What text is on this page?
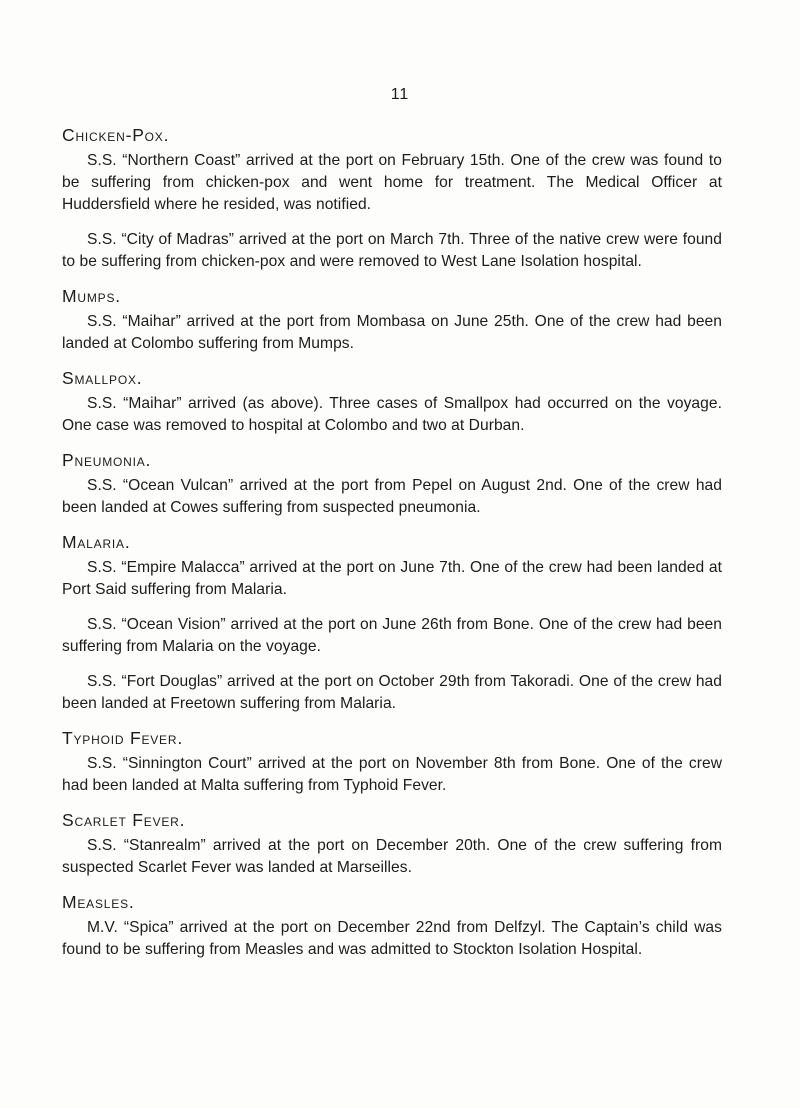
11
Chicken-Pox.

S.S. “Northern Coast” arrived at the port on February 15th. One of the crew was found to be suffering from chicken-pox and went home for treatment. The Medical Officer at Huddersfield where he resided, was notified.

S.S. “City of Madras” arrived at the port on March 7th. Three of the native crew were found to be suffering from chicken-pox and were removed to West Lane Isolation hospital.

Mumps.

S.S. “Maihar” arrived at the port from Mombasa on June 25th. One of the crew had been landed at Colombo suffering from Mumps.

Smallpox.

S.S. “Maihar” arrived (as above). Three cases of Smallpox had occurred on the voyage. One case was removed to hospital at Colombo and two at Durban.

Pneumonia.

S.S. “Ocean Vulcan” arrived at the port from Pepel on August 2nd. One of the crew had been landed at Cowes suffering from suspected pneumonia.

Malaria.

S.S. “Empire Malacca” arrived at the port on June 7th. One of the crew had been landed at Port Said suffering from Malaria.

S.S. “Ocean Vision” arrived at the port on June 26th from Bone. One of the crew had been suffering from Malaria on the voyage.

S.S. “Fort Douglas” arrived at the port on October 29th from Takoradi. One of the crew had been landed at Freetown suffering from Malaria.

Typhoid Fever.

S.S. “Sinnington Court” arrived at the port on November 8th from Bone. One of the crew had been landed at Malta suffering from Typhoid Fever.

Scarlet Fever.

S.S. “Stanrealm” arrived at the port on December 20th. One of the crew suffering from suspected Scarlet Fever was landed at Marseilles.

Measles.

M.V. “Spica” arrived at the port on December 22nd from Delfzyl. The Captain’s child was found to be suffering from Measles and was admitted to Stockton Isolation Hospital.
